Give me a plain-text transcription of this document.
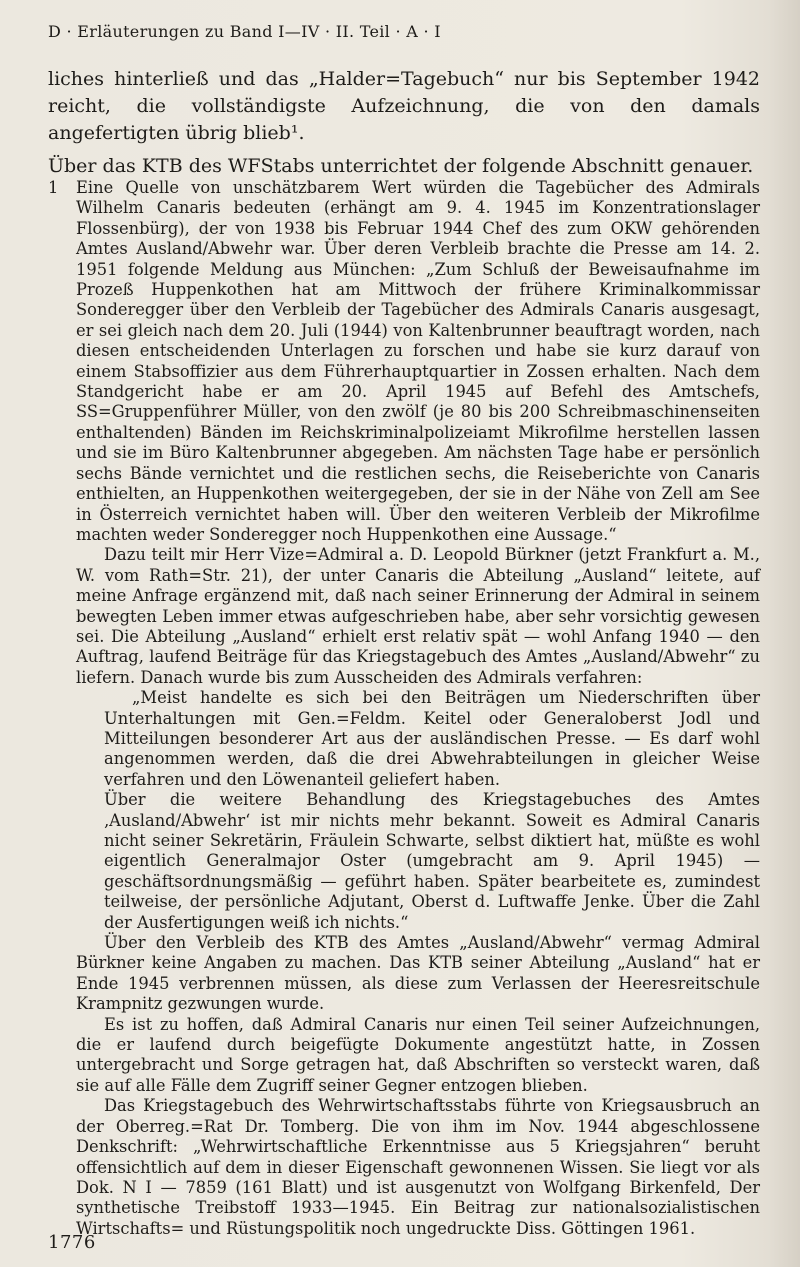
D · Erläuterungen zu Band I—IV · II. Teil · A · I

liches hinterließ und das „Halder=Tagebuch“ nur bis September 1942 reicht, die vollständigste Aufzeichnung, die von den damals angefertigten übrig blieb¹.

Über das KTB des WFStabs unterrichtet der folgende Abschnitt genauer.

1	Eine Quelle von unschätzbarem Wert würden die Tagebücher des Admirals Wilhelm Canaris bedeuten (erhängt am 9. 4. 1945 im Konzentrationslager Flossenbürg), der von 1938 bis Februar 1944 Chef des zum OKW gehörenden Amtes Ausland/Abwehr war. Über deren Verbleib brachte die Presse am 14. 2. 1951 folgende Meldung aus München: „Zum Schluß der Beweisaufnahme im Prozeß Huppenkothen hat am Mittwoch der frühere Kriminalkommissar Sonderegger über den Verbleib der Tagebücher des Admirals Canaris ausgesagt, er sei gleich nach dem 20. Juli (1944) von Kaltenbrunner beauftragt worden, nach diesen entscheidenden Unterlagen zu forschen und habe sie kurz darauf von einem Stabsoffizier aus dem Führerhauptquartier in Zossen erhalten. Nach dem Standgericht habe er am 20. April 1945 auf Befehl des Amtschefs, SS=Gruppenführer Müller, von den zwölf (je 80 bis 200 Schreibmaschinenseiten enthaltenden) Bänden im Reichskriminalpolizeiamt Mikrofilme herstellen lassen und sie im Büro Kaltenbrunner abgegeben. Am nächsten Tage habe er persönlich sechs Bände vernichtet und die restlichen sechs, die Reiseberichte von Canaris enthielten, an Huppenkothen weitergegeben, der sie in der Nähe von Zell am See in Österreich vernichtet haben will. Über den weiteren Verbleib der Mikrofilme machten weder Sonderegger noch Huppenkothen eine Aussage.“

Dazu teilt mir Herr Vize=Admiral a. D. Leopold Bürkner (jetzt Frankfurt a. M., W. vom Rath=Str. 21), der unter Canaris die Abteilung „Ausland“ leitete, auf meine Anfrage ergänzend mit, daß nach seiner Erinnerung der Admiral in seinem bewegten Leben immer etwas aufgeschrieben habe, aber sehr vorsichtig gewesen sei. Die Abteilung „Ausland“ erhielt erst relativ spät — wohl Anfang 1940 — den Auftrag, laufend Beiträge für das Kriegstagebuch des Amtes „Ausland/Abwehr“ zu liefern. Danach wurde bis zum Ausscheiden des Admirals verfahren:

„Meist handelte es sich bei den Beiträgen um Niederschriften über Unterhaltungen mit Gen.=Feldm. Keitel oder Generaloberst Jodl und Mitteilungen besonderer Art aus der ausländischen Presse. — Es darf wohl angenommen werden, daß die drei Abwehrabteilungen in gleicher Weise verfahren und den Löwenanteil geliefert haben.

Über die weitere Behandlung des Kriegstagebuches des Amtes ‚Ausland/Abwehr‘ ist mir nichts mehr bekannt. Soweit es Admiral Canaris nicht seiner Sekretärin, Fräulein Schwarte, selbst diktiert hat, müßte es wohl eigentlich Generalmajor Oster (umgebracht am 9. April 1945) — geschäftsordnungsmäßig — geführt haben. Später bearbeitete es, zumindest teilweise, der persönliche Adjutant, Oberst d. Luftwaffe Jenke. Über die Zahl der Ausfertigungen weiß ich nichts.“

Über den Verbleib des KTB des Amtes „Ausland/Abwehr“ vermag Admiral Bürkner keine Angaben zu machen. Das KTB seiner Abteilung „Ausland“ hat er Ende 1945 verbrennen müssen, als diese zum Verlassen der Heeresreitschule Krampnitz gezwungen wurde.

Es ist zu hoffen, daß Admiral Canaris nur einen Teil seiner Aufzeichnungen, die er laufend durch beigefügte Dokumente angestützt hatte, in Zossen untergebracht und Sorge getragen hat, daß Abschriften so versteckt waren, daß sie auf alle Fälle dem Zugriff seiner Gegner entzogen blieben.

Das Kriegstagebuch des Wehrwirtschaftsstabs führte von Kriegsausbruch an der Oberreg.=Rat Dr. Tomberg. Die von ihm im Nov. 1944 abgeschlossene Denkschrift: „Wehrwirtschaftliche Erkenntnisse aus 5 Kriegsjahren“ beruht offensichtlich auf dem in dieser Eigenschaft gewonnenen Wissen. Sie liegt vor als Dok. N I — 7859 (161 Blatt) und ist ausgenutzt von Wolfgang Birkenfeld, Der synthetische Treibstoff 1933—1945. Ein Beitrag zur nationalsozialistischen Wirtschafts= und Rüstungspolitik noch ungedruckte Diss. Göttingen 1961.

1776
